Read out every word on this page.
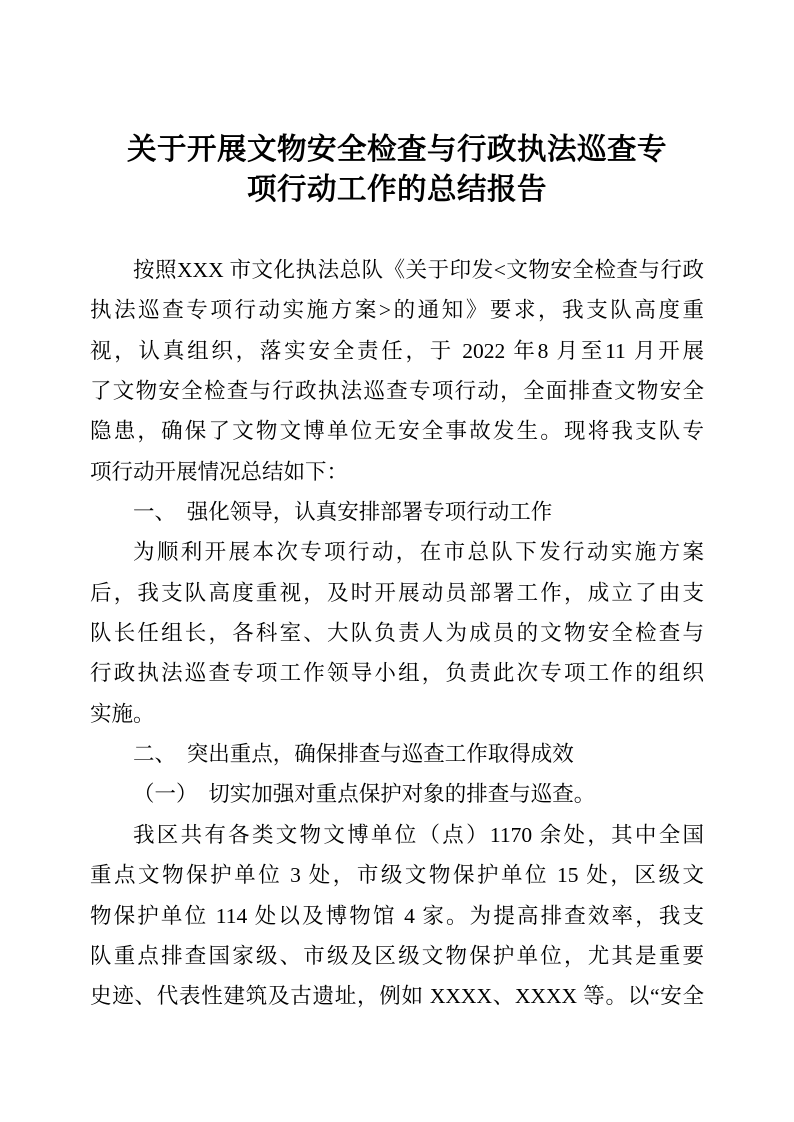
关于开展文物安全检查与行政执法巡查专
项行动工作的总结报告
按照XXX 市文化执法总队《关于印发<文物安全检查与行政
执法巡查专项行动实施方案>的通知》要求，我支队高度重
视，认真组织，落实安全责任，于 2022 年8 月至11 月开展
了文物安全检查与行政执法巡查专项行动，全面排查文物安全
隐患，确保了文物文博单位无安全事故发生。现将我支队专
项行动开展情况总结如下：
一、　强化领导，认真安排部署专项行动工作
为顺利开展本次专项行动，在市总队下发行动实施方案
后，我支队高度重视，及时开展动员部署工作，成立了由支
队长任组长，各科室、大队负责人为成员的文物安全检查与
行政执法巡查专项工作领导小组，负责此次专项工作的组织
实施。
二、　突出重点，确保排查与巡查工作取得成效
（一）　切实加强对重点保护对象的排查与巡查。
我区共有各类文物文博单位（点）1170 余处，其中全国
重点文物保护单位 3 处，市级文物保护单位 15 处，区级文
物保护单位 114 处以及博物馆 4 家。为提高排查效率，我支
队重点排查国家级、市级及区级文物保护单位，尤其是重要
史迹、代表性建筑及古遗址，例如 XXXX、XXXX 等。以“安全
